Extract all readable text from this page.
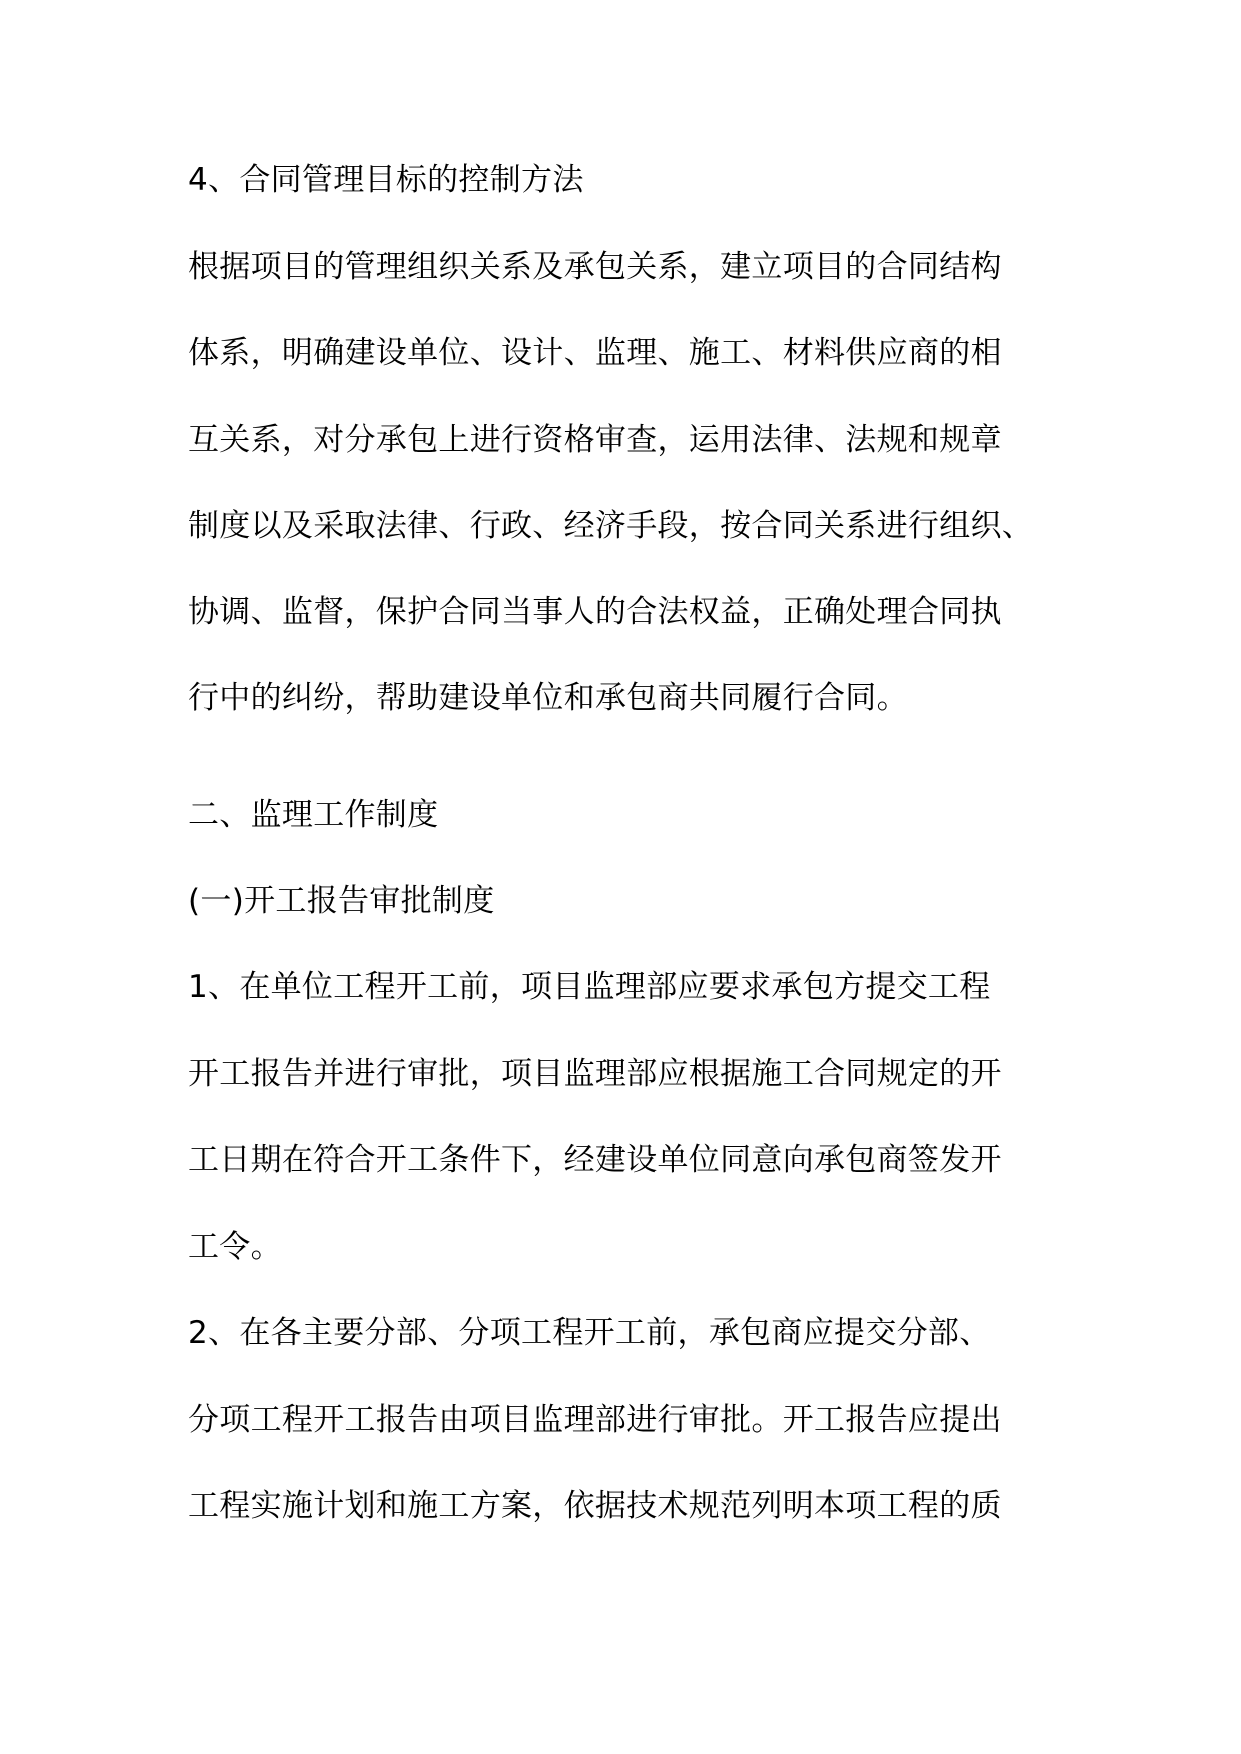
4、合同管理目标的控制方法
根据项目的管理组织关系及承包关系，建立项目的合同结构
体系，明确建设单位、设计、监理、施工、材料供应商的相
互关系，对分承包上进行资格审查，运用法律、法规和规章
制度以及采取法律、行政、经济手段，按合同关系进行组织、
协调、监督，保护合同当事人的合法权益，正确处理合同执
行中的纠纷，帮助建设单位和承包商共同履行合同。
二、监理工作制度
(一)开工报告审批制度
1、在单位工程开工前，项目监理部应要求承包方提交工程
开工报告并进行审批，项目监理部应根据施工合同规定的开
工日期在符合开工条件下，经建设单位同意向承包商签发开
工令。
2、在各主要分部、分项工程开工前，承包商应提交分部、
分项工程开工报告由项目监理部进行审批。开工报告应提出
工程实施计划和施工方案，依据技术规范列明本项工程的质
